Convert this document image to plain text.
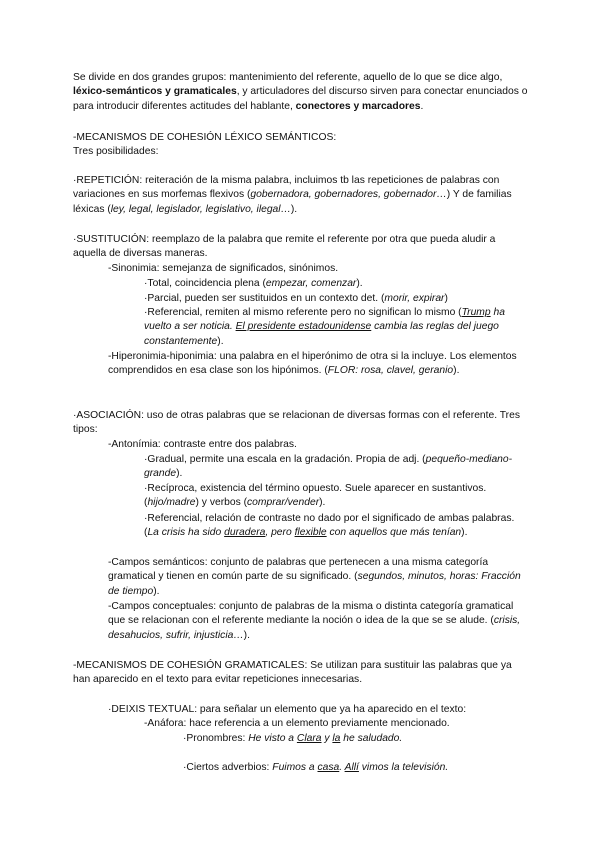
Se divide en dos grandes grupos: mantenimiento del referente, aquello de lo que se dice algo, léxico-semánticos y gramaticales, y articuladores del discurso sirven para conectar enunciados o para introducir diferentes actitudes del hablante, conectores y marcadores.

-MECANISMOS DE COHESIÓN LÉXICO SEMÁNTICOS:

Tres posibilidades:

·REPETICIÓN: reiteración de la misma palabra, incluimos tb las repeticiones de palabras con variaciones en sus morfemas flexivos (gobernadora, gobernadores, gobernador…) Y de familias léxicas (ley, legal, legislador, legislativo, ilegal…).

·SUSTITUCIÓN: reemplazo de la palabra que remite el referente por otra que pueda aludir a aquella de diversas maneras.

-Sinonimia: semejanza de significados, sinónimos.

·Total, coincidencia plena (empezar, comenzar).

·Parcial, pueden ser sustituidos en un contexto det. (morir, expirar)

·Referencial, remiten al mismo referente pero no significan lo mismo (Trump ha vuelto a ser noticia. El presidente estadounidense cambia las reglas del juego constantemente).

-Hiperonimia-hiponimia: una palabra en el hiperónimo de otra si la incluye. Los elementos comprendidos en esa clase son los hipónimos. (FLOR: rosa, clavel, geranio).

·ASOCIACIÓN: uso de otras palabras que se relacionan de diversas formas con el referente. Tres tipos:

-Antonímia: contraste entre dos palabras.

·Gradual, permite una escala en la gradación. Propia de adj. (pequeño-mediano-grande).

·Recíproca, existencia del término opuesto. Suele aparecer en sustantivos. (hijo/madre) y verbos (comprar/vender).

·Referencial, relación de contraste no dado por el significado de ambas palabras. (La crisis ha sido duradera, pero flexible con aquellos que más tenían).

-Campos semánticos: conjunto de palabras que pertenecen a una misma categoría gramatical y tienen en común parte de su significado. (segundos, minutos, horas: Fracción de tiempo).

-Campos conceptuales: conjunto de palabras de la misma o distinta categoría gramatical que se relacionan con el referente mediante la noción o idea de la que se se alude. (crisis, desahucios, sufrir, injusticia…).

-MECANISMOS DE COHESIÓN GRAMATICALES: Se utilizan para sustituir las palabras que ya han aparecido en el texto para evitar repeticiones innecesarias.

·DEIXIS TEXTUAL: para señalar un elemento que ya ha aparecido en el texto:

-Anáfora: hace referencia a un elemento previamente mencionado.

·Pronombres: He visto a Clara y la he saludado.

·Ciertos adverbios: Fuimos a casa. Allí vimos la televisión.
